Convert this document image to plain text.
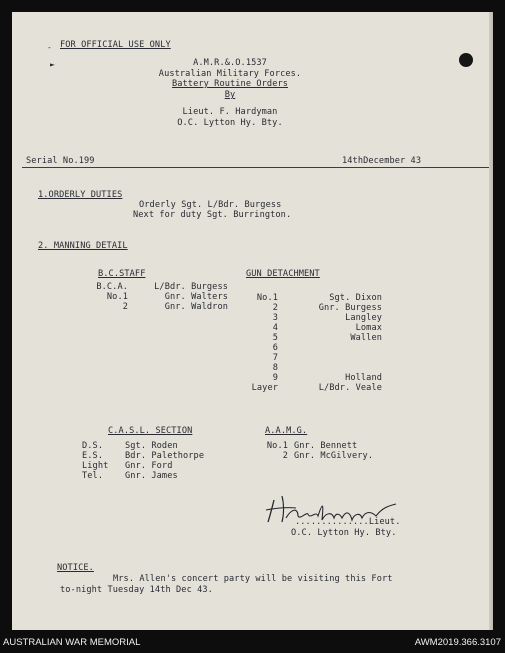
-
►
FOR OFFICIAL USE ONLY
A.M.R.&.O.1537
Australian Military Forces.
Battery Routine Orders
By
Lieut. F. Hardyman
O.C. Lytton Hy. Bty.
Serial No.199	14thDecember 43
1.ORDERLY DUTIES
Orderly Sgt. L/Bdr. Burgess
Next for duty Sgt. Burrington.
2. MANNING DETAIL
B.C.STAFF
B.C.A.	L/Bdr. Burgess
No.1	Gnr. Walters
2	Gnr. Waldron
GUN DETACHMENT
No.1	Sgt. Dixon
2	Gnr. Burgess
3	Langley
4	Lomax
5	Wallen
6
7
8
9	Holland
Layer	L/Bdr. Veale
C.A.S.L. SECTION
D.S.	Sgt. Roden
E.S.	Bdr. Palethorpe
Light	Gnr. Ford
Tel.	Gnr. James
A.A.M.G.
No.1 Gnr. Bennett
2 Gnr. McGilvery.
..............Lieut.
O.C. Lytton Hy. Bty.
NOTICE.
Mrs. Allen's concert party will be visiting this Fort
to-night Tuesday 14th Dec 43.
AUSTRALIAN WAR MEMORIAL	AWM2019.366.3107
